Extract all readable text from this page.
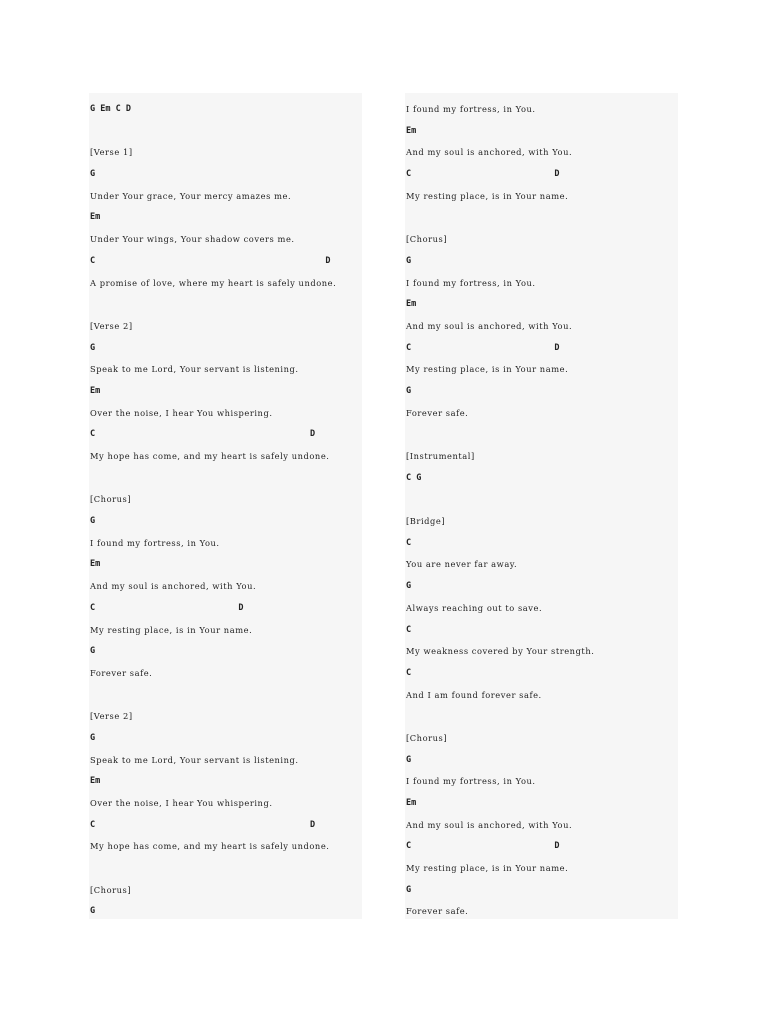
G Em C D
[Verse 1]
G
Under Your grace, Your mercy amazes me.
Em
Under Your wings, Your shadow covers me.
C                                             D
A promise of love, where my heart is safely undone.
[Verse 2]
G
Speak to me Lord, Your servant is listening.
Em
Over the noise, I hear You whispering.
C                                          D
My hope has come, and my heart is safely undone.
[Chorus]
G
I found my fortress, in You.
Em
And my soul is anchored, with You.
C                            D
My resting place, is in Your name.
G
Forever safe.
[Verse 2]
G
Speak to me Lord, Your servant is listening.
Em
Over the noise, I hear You whispering.
C                                          D
My hope has come, and my heart is safely undone.
[Chorus]
G
I found my fortress, in You.
Em
And my soul is anchored, with You.
C                            D
My resting place, is in Your name.
[Chorus]
G
I found my fortress, in You.
Em
And my soul is anchored, with You.
C                            D
My resting place, is in Your name.
G
Forever safe.
[Instrumental]
C G
[Bridge]
C
You are never far away.
G
Always reaching out to save.
C
My weakness covered by Your strength.
C
And I am found forever safe.
[Chorus]
G
I found my fortress, in You.
Em
And my soul is anchored, with You.
C                            D
My resting place, is in Your name.
G
Forever safe.
